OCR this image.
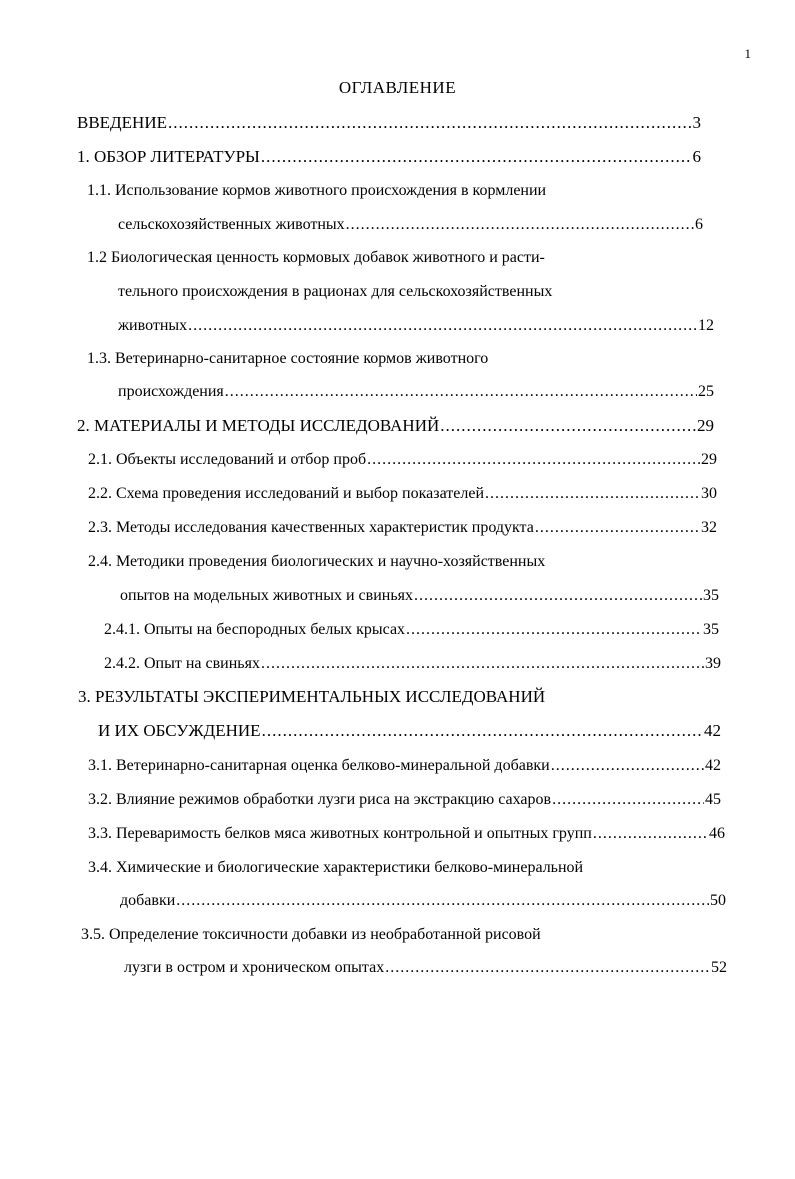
1
ОГЛАВЛЕНИЕ
ВВЕДЕНИЕ .....	3
1. ОБЗОР ЛИТЕРАТУРЫ .....	6
1.1. Использование кормов животного происхождения в кормлении
сельскохозяйственных животных .....	6
1.2 Биологическая ценность кормовых добавок животного и расти-
тельного происхождения в рационах для сельскохозяйственных
животных .....	12
1.3. Ветеринарно-санитарное состояние кормов животного
происхождения .....	25
2. МАТЕРИАЛЫ И МЕТОДЫ ИССЛЕДОВАНИЙ .....	29
2.1. Объекты исследований и отбор проб .....	29
2.2. Схема проведения исследований и выбор показателей .....	30
2.3. Методы исследования качественных характеристик продукта .....	32
2.4. Методики проведения биологических и научно-хозяйственных
опытов на модельных животных и свиньях .....	35
2.4.1. Опыты на беспородных белых крысах .....	35
2.4.2. Опыт на свиньях .....	39
3. РЕЗУЛЬТАТЫ ЭКСПЕРИМЕНТАЛЬНЫХ ИССЛЕДОВАНИЙ
И ИХ ОБСУЖДЕНИЕ .....	42
3.1. Ветеринарно-санитарная оценка белково-минеральной добавки .....	42
3.2. Влияние режимов обработки лузги риса на экстракцию сахаров .....	45
3.3. Переваримость белков мяса животных контрольной и опытных групп .....	46
3.4. Химические и биологические характеристики белково-минеральной
добавки .....	50
3.5. Определение токсичности добавки из необработанной рисовой
лузги в остром и хроническом опытах .....	52
